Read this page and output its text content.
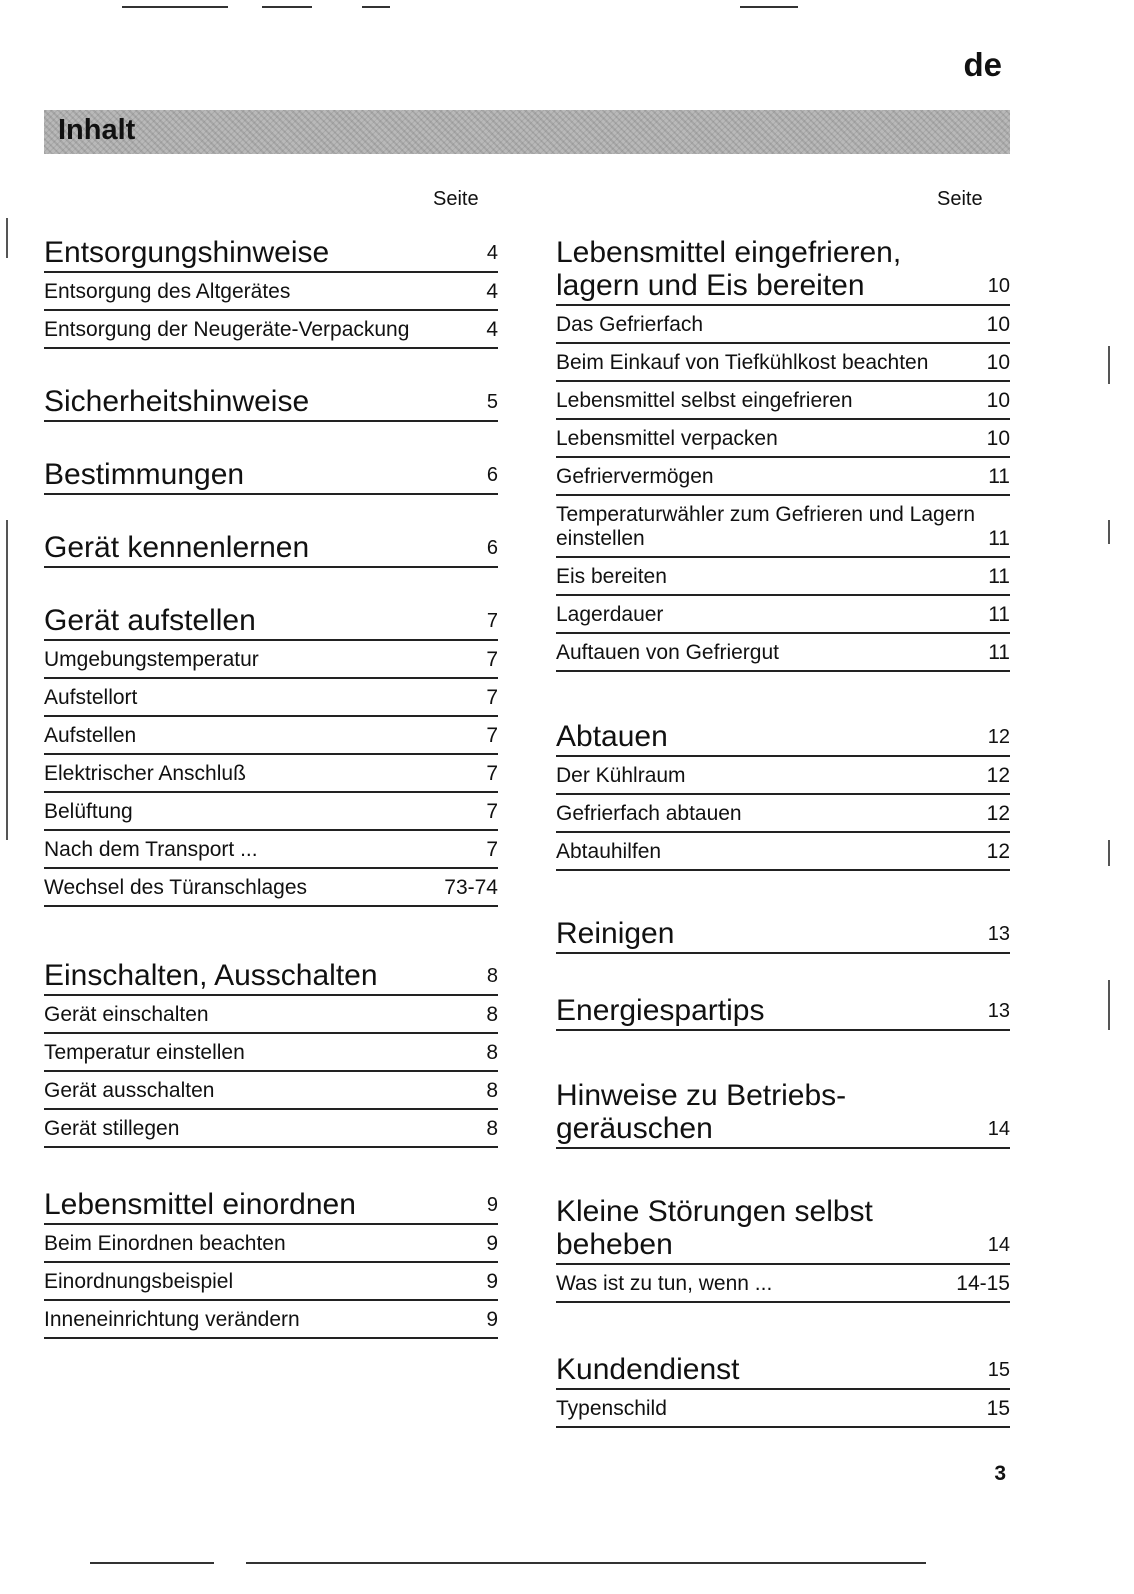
de
Inhalt
Seite	Seite
Entsorgungshinweise	4
Entsorgung des Altgerätes	4
Entsorgung der Neugeräte-Verpackung	4
Sicherheitshinweise	5
Bestimmungen	6
Gerät kennenlernen	6
Gerät aufstellen	7
Umgebungstemperatur	7
Aufstellort	7
Aufstellen	7
Elektrischer Anschluß	7
Belüftung	7
Nach dem Transport ...	7
Wechsel des Türanschlages	73-74
Einschalten, Ausschalten	8
Gerät einschalten	8
Temperatur einstellen	8
Gerät ausschalten	8
Gerät stillegen	8
Lebensmittel einordnen	9
Beim Einordnen beachten	9
Einordnungsbeispiel	9
Inneneinrichtung verändern	9
Lebensmittel eingefrieren, lagern und Eis bereiten	10
Das Gefrierfach	10
Beim Einkauf von Tiefkühlkost beachten	10
Lebensmittel selbst eingefrieren	10
Lebensmittel verpacken	10
Gefriervermögen	11
Temperaturwähler zum Gefrieren und Lagern einstellen	11
Eis bereiten	11
Lagerdauer	11
Auftauen von Gefriergut	11
Abtauen	12
Der Kühlraum	12
Gefrierfach abtauen	12
Abtauhilfen	12
Reinigen	13
Energiespartips	13
Hinweise zu Betriebs-geräuschen	14
Kleine Störungen selbst beheben	14
Was ist zu tun, wenn ...	14-15
Kundendienst	15
Typenschild	15
3
